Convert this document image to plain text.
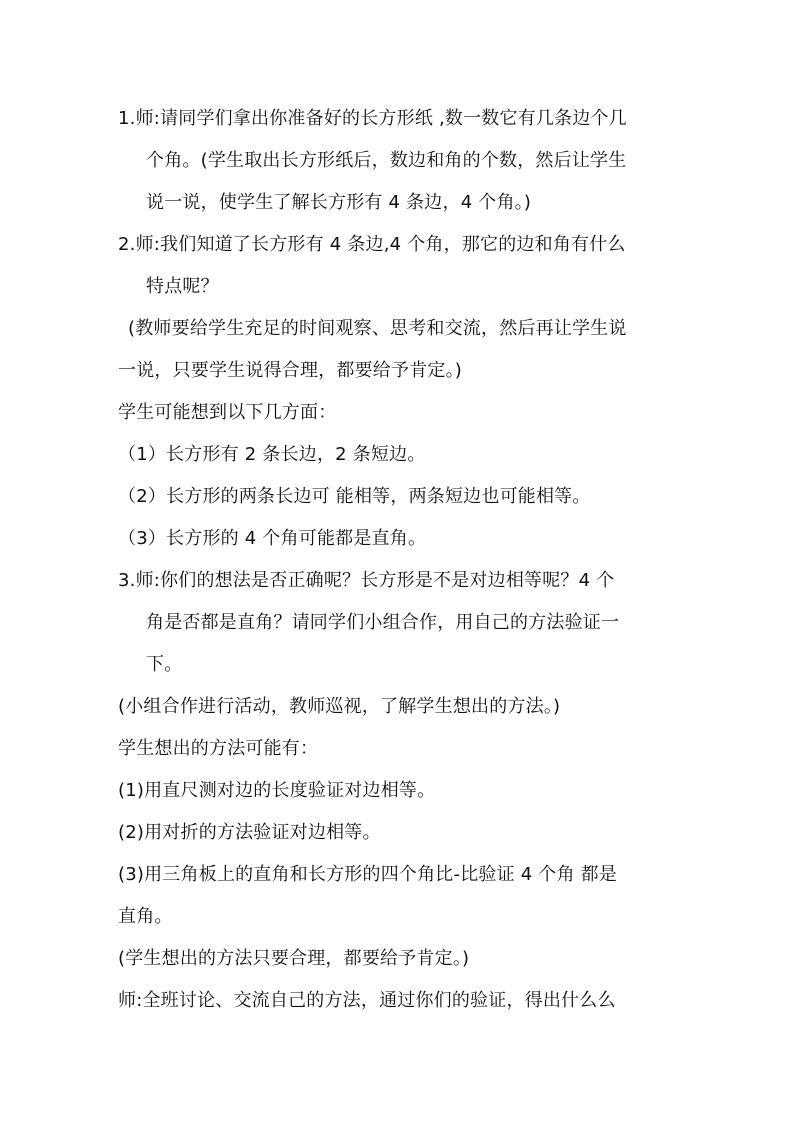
1.师:请同学们拿出你准备好的长方形纸 ,数一数它有几条边个几

个角。(学生取出长方形纸后，数边和角的个数，然后让学生

说一说，使学生了解长方形有 4 条边，4 个角。)

2.师:我们知道了长方形有 4 条边,4 个角，那它的边和角有什么

特点呢？

(教师要给学生充足的时间观察、思考和交流，然后再让学生说

一说，只要学生说得合理，都要给予肯定。)

学生可能想到以下几方面：

（1）长方形有 2 条长边，2 条短边。

（2）长方形的两条长边可 能相等，两条短边也可能相等。

（3）长方形的 4 个角可能都是直角。

3.师:你们的想法是否正确呢？长方形是不是对边相等呢？4 个

角是否都是直角？请同学们小组合作，用自己的方法验证一

下。

(小组合作进行活动，教师巡视，了解学生想出的方法。)

学生想出的方法可能有：

(1)用直尺测对边的长度验证对边相等。

(2)用对折的方法验证对边相等。

(3)用三角板上的直角和长方形的四个角比-比验证 4 个角 都是

直角。

(学生想出的方法只要合理，都要给予肯定。)

师:全班讨论、交流自己的方法，通过你们的验证，得出什么么
